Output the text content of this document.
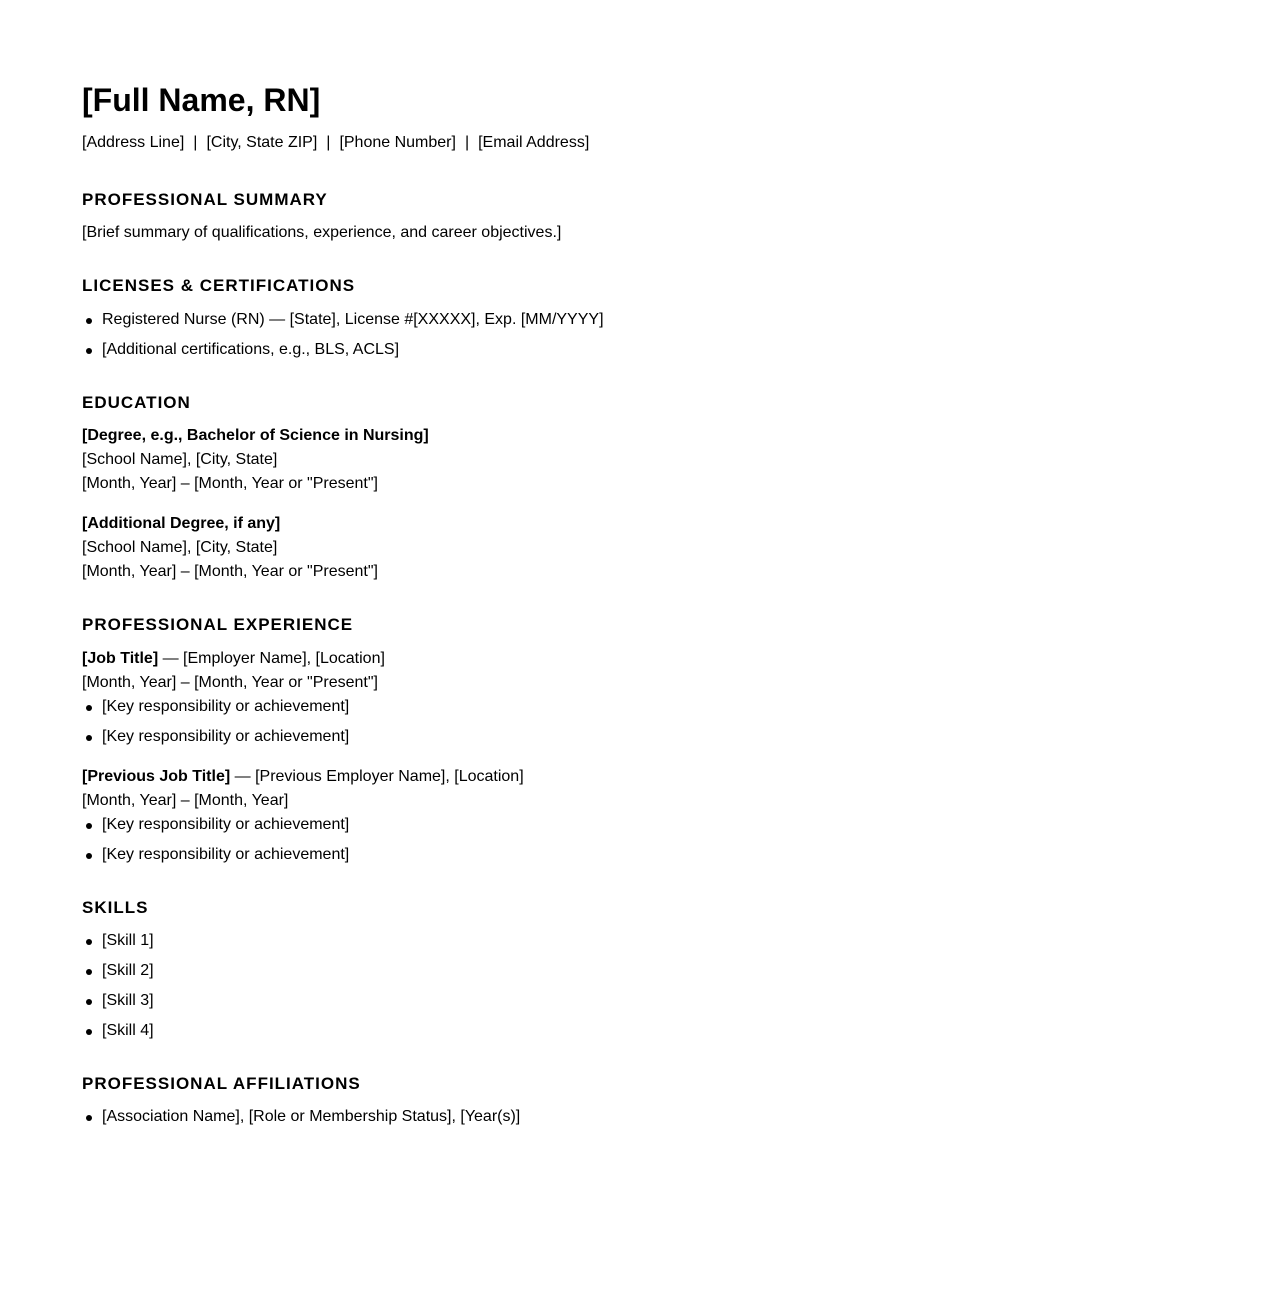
[Full Name, RN]
[Address Line] | [City, State ZIP] | [Phone Number] | [Email Address]
PROFESSIONAL SUMMARY
[Brief summary of qualifications, experience, and career objectives.]
LICENSES & CERTIFICATIONS
Registered Nurse (RN) — [State], License #[XXXXX], Exp. [MM/YYYY]
[Additional certifications, e.g., BLS, ACLS]
EDUCATION
[Degree, e.g., Bachelor of Science in Nursing]
[School Name], [City, State]
[Month, Year] – [Month, Year or "Present"]
[Additional Degree, if any]
[School Name], [City, State]
[Month, Year] – [Month, Year or "Present"]
PROFESSIONAL EXPERIENCE
[Job Title] — [Employer Name], [Location]
[Month, Year] – [Month, Year or "Present"]
[Key responsibility or achievement]
[Key responsibility or achievement]
[Previous Job Title] — [Previous Employer Name], [Location]
[Month, Year] – [Month, Year]
[Key responsibility or achievement]
[Key responsibility or achievement]
SKILLS
[Skill 1]
[Skill 2]
[Skill 3]
[Skill 4]
PROFESSIONAL AFFILIATIONS
[Association Name], [Role or Membership Status], [Year(s)]
